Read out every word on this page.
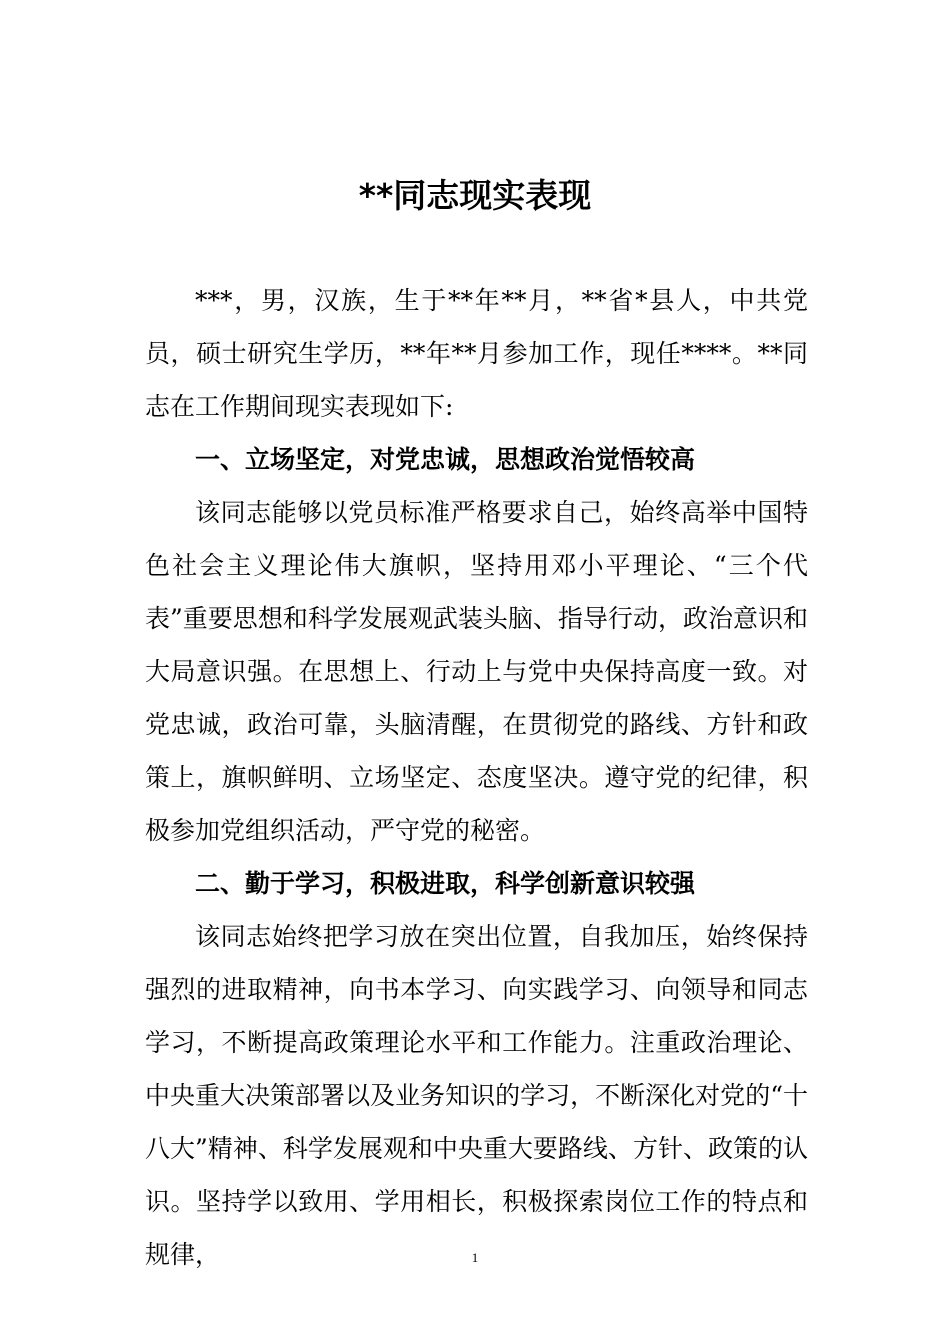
**同志现实表现

***，男，汉族，生于**年**月，**省*县人，中共党员，硕士研究生学历，**年**月参加工作，现任****。**同志在工作期间现实表现如下:

一、立场坚定，对党忠诚，思想政治觉悟较高

该同志能够以党员标准严格要求自己，始终高举中国特色社会主义理论伟大旗帜，坚持用邓小平理论、“三个代表”重要思想和科学发展观武装头脑、指导行动，政治意识和大局意识强。在思想上、行动上与党中央保持高度一致。对党忠诚，政治可靠，头脑清醒，在贯彻党的路线、方针和政策上，旗帜鲜明、立场坚定、态度坚决。遵守党的纪律，积极参加党组织活动，严守党的秘密。

二、勤于学习，积极进取，科学创新意识较强

该同志始终把学习放在突出位置，自我加压，始终保持强烈的进取精神，向书本学习、向实践学习、向领导和同志学习，不断提高政策理论水平和工作能力。注重政治理论、中央重大决策部署以及业务知识的学习，不断深化对党的“十八大”精神、科学发展观和中央重大要路线、方针、政策的认识。坚持学以致用、学用相长，积极探索岗位工作的特点和规律，	1
